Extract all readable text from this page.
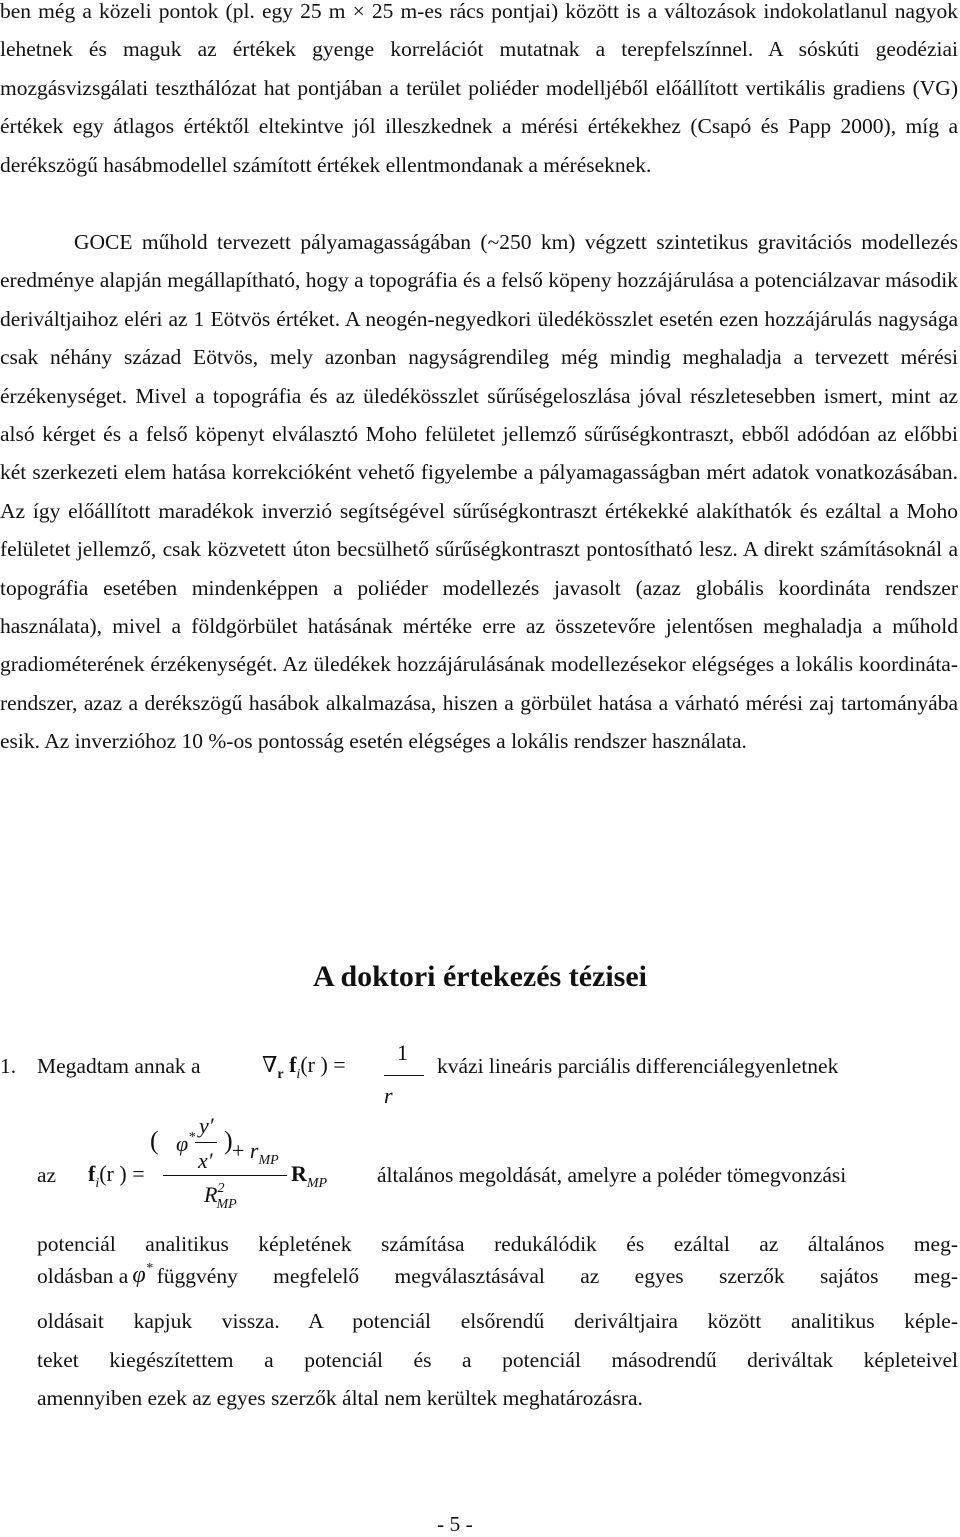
ben még a közeli pontok (pl. egy 25 m × 25 m-es rács pontjai) között is a változások indokolatlanul nagyok lehetnek és maguk az értékek gyenge korrelációt mutatnak a terepfelszínnel. A sóskúti geodéziai mozgásvizsgálati teszthálózat hat pontjában a terület poliéder modelljéből előállított vertikális gradiens (VG) értékek egy átlagos értéktől eltekintve jól illeszkednek a mérési értékekhez (Csapó és Papp 2000), míg a derékszögű hasábmodellel számított értékek ellentmondanak a méréseknek.

GOCE műhold tervezett pályamagasságában (~250 km) végzett szintetikus gravitációs modellezés eredménye alapján megállapítható, hogy a topográfia és a felső köpeny hozzájárulása a potenciálzavar második deriváltjaihoz eléri az 1 Eötvös értéket. A neogén-negyedkori üledékösszlet esetén ezen hozzájárulás nagysága csak néhány század Eötvös, mely azonban nagyságrendileg még mindig meghaladja a tervezett mérési érzékenységet. Mivel a topográfia és az üledékösszlet sűrűségeloszlása jóval részletesebben ismert, mint az alsó kérget és a felső köpenyt elválasztó Moho felületet jellemző sűrűségkontraszt, ebből adódóan az előbbi két szerkezeti elem hatása korrekcióként vehető figyelembe a pályamagasságban mért adatok vonatkozásában. Az így előállított maradékok inverzió segítségével sűrűségkontraszt értékekké alakíthatók és ezáltal a Moho felületet jellemző, csak közvetett úton becsülhető sűrűségkontraszt pontosítható lesz. A direkt számításoknál a topográfia esetében mindenképpen a poliéder modellezés javasolt (azaz globális koordináta rendszer használata), mivel a földgörbület hatásának mértéke erre az összetevőre jelentősen meghaladja a műhold gradiométerének érzékenységét. Az üledékek hozzájárulásának modellezésekor elégséges a lokális koordináta-rendszer, azaz a derékszögű hasábok alkalmazása, hiszen a görbület hatása a várható mérési zaj tartományába esik. Az inverzióhoz 10 %-os pontosság esetén elégséges a lokális rendszer használata.

A doktori értekezés tézisei
1. Megadtam annak a	$\nabla_r$ $f_i(r$ ) = 1
r
kvázi lineáris parciális differenciálegyenletnek
az $f_i(r$ ) =
( φ* y′
x′
) + $r_{MP}$
$R^2_{MP}$
$R_{MP}$ általános megoldását, amelyre a poléder tömegvonzási

potenciál analitikus képletének számítása redukálódik és ezáltal az általános meg-

oldásban a φ* függvény megfelelő megválasztásával az egyes szerzők sajátos meg-

oldásait kapjuk vissza. A potenciál elsőrendű deriváltjaira között analitikus képle-

teket kiegészítettem a potenciál és a potenciál másodrendű deriváltak képleteivel

amennyiben ezek az egyes szerzők által nem kerültek meghatározásra.

- 5 -
